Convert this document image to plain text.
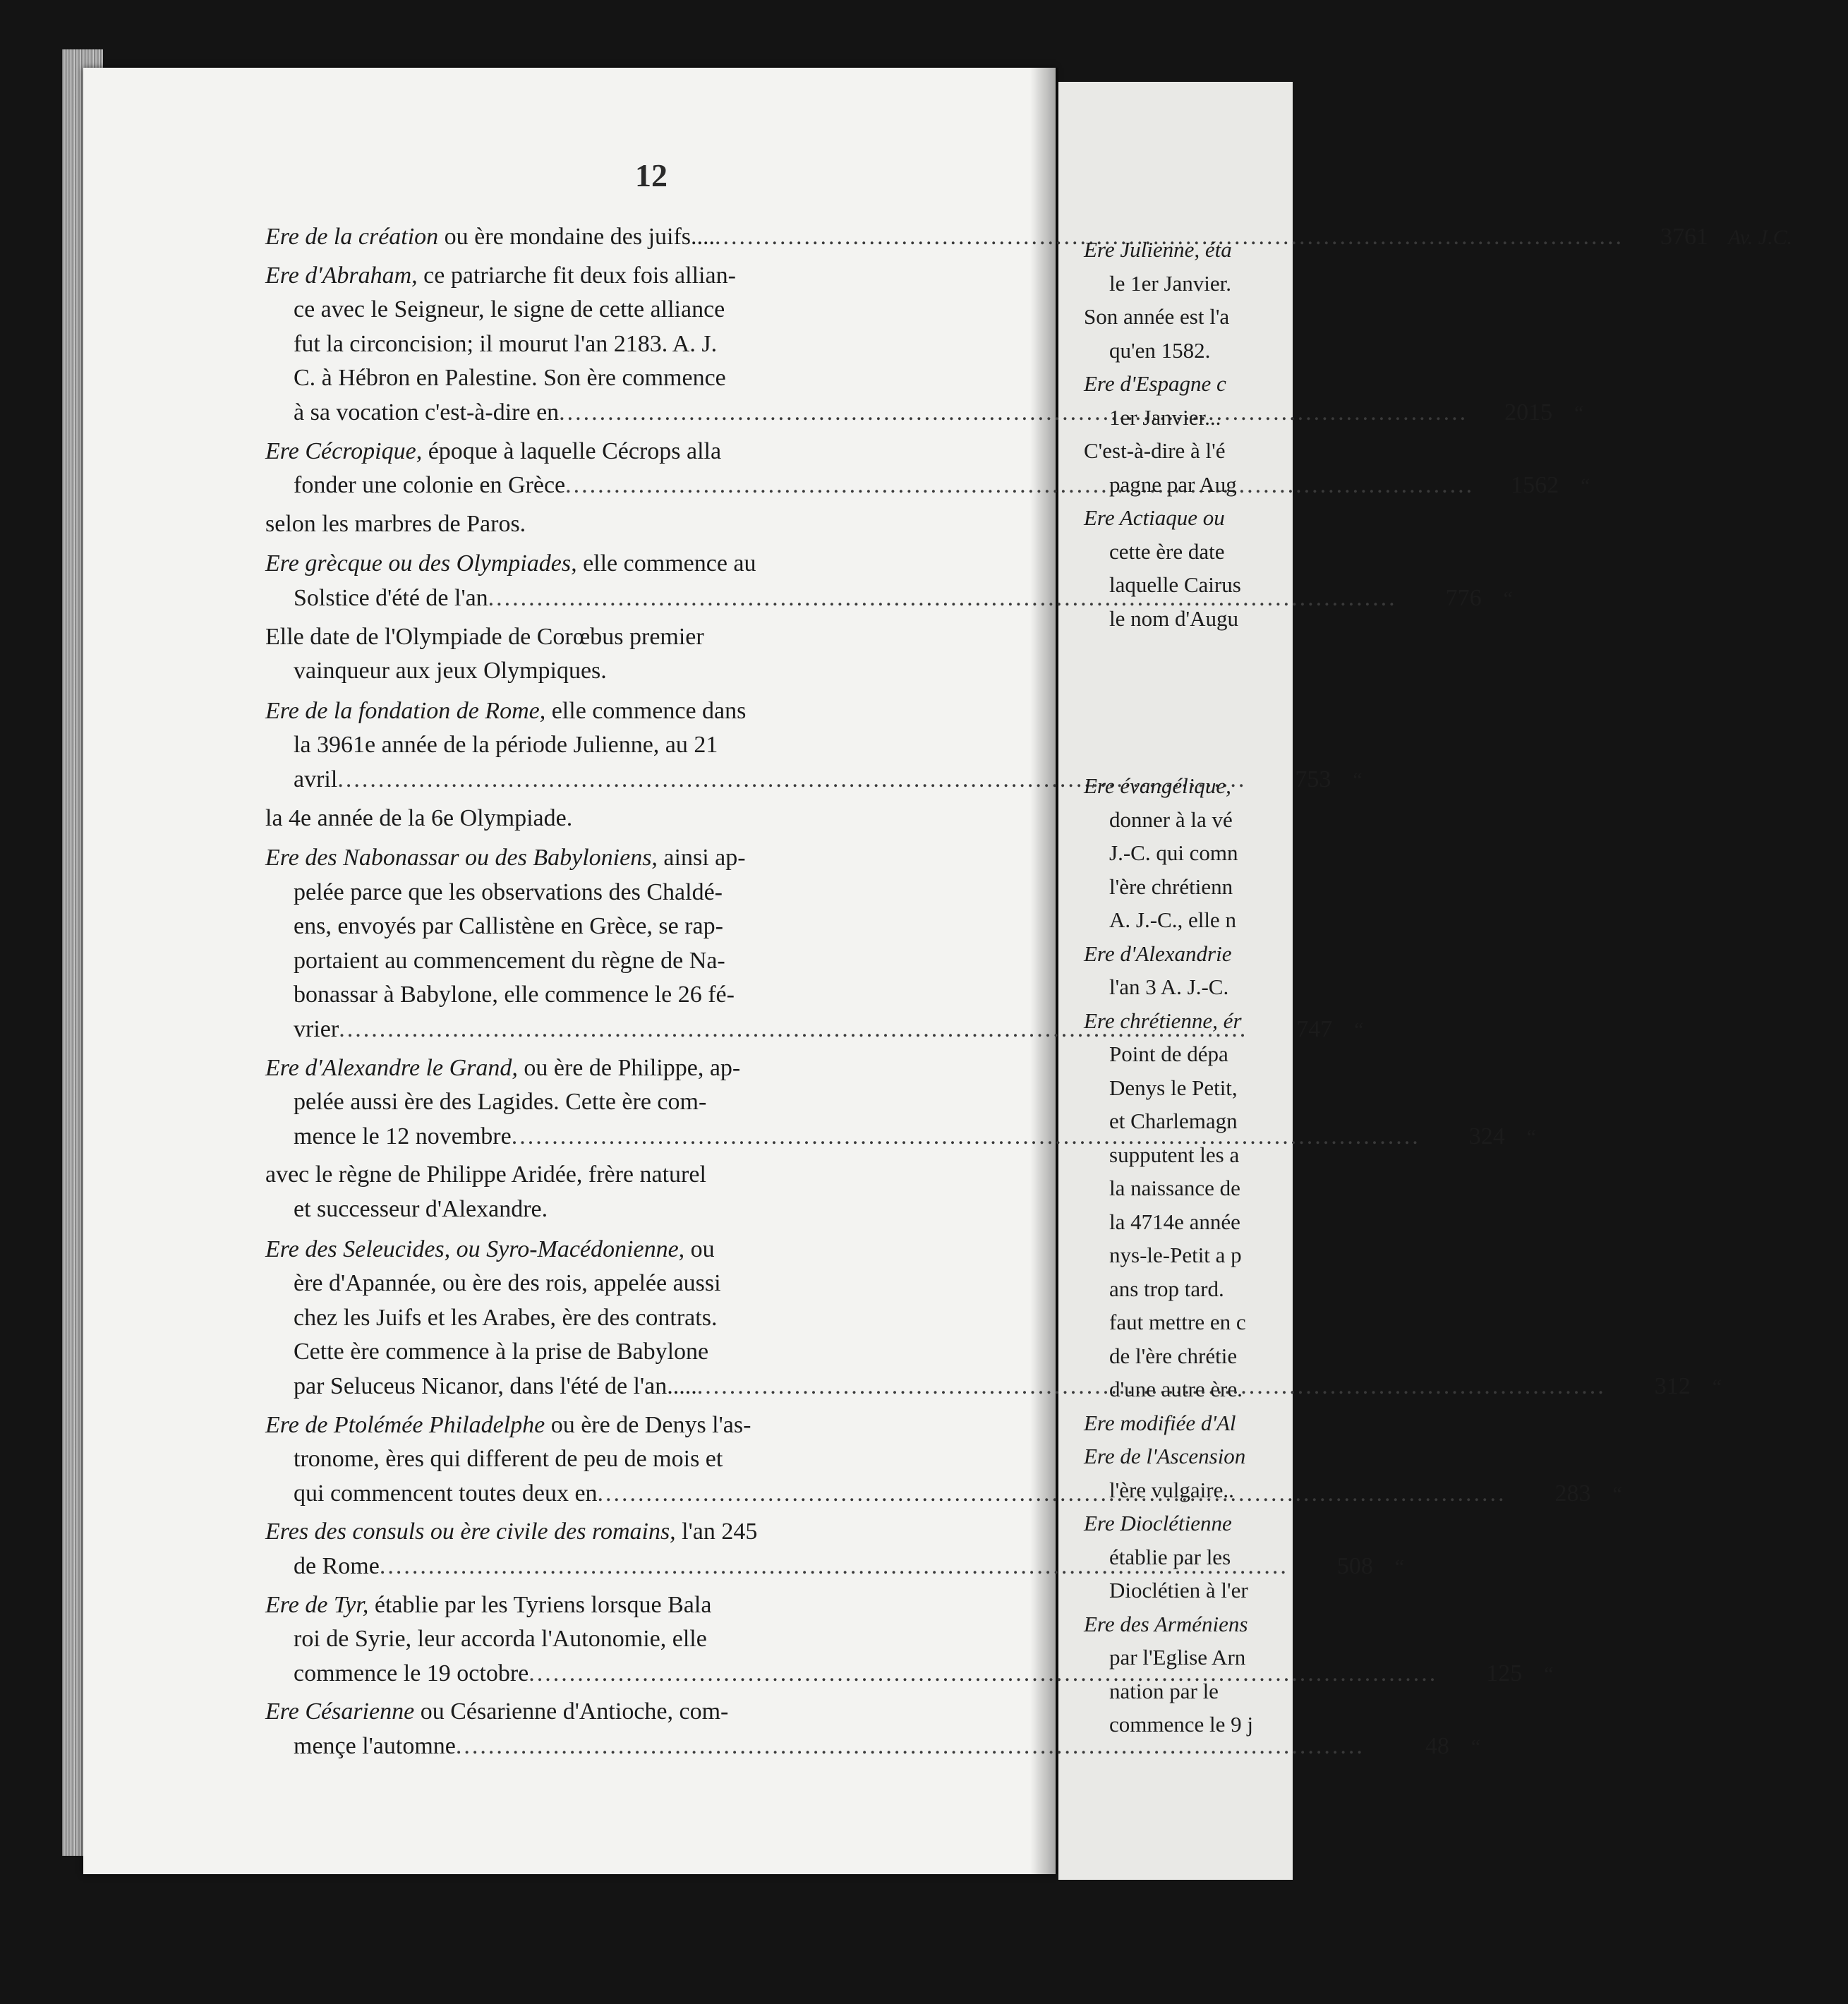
12
Ere de la création ou ère mondaine des juifs.... .....	3761 Av. J.C.
Ere d'Abraham, ce patriarche fit deux fois allian-
ce avec le Seigneur, le signe de cette alliance
fut la circoncision; il mourut l'an 2183. A. J.
C. à Hébron en Palestine. Son ère commence
à sa vocation c'est-à-dire en .....	2015 “
Ere Cécropique, époque à laquelle Cécrops alla
fonder une colonie en Grèce .....	1562 “
selon les marbres de Paros.
Ere grècque ou des Olympiades, elle commence au
Solstice d'été de l'an .....	776 “
Elle date de l'Olympiade de Corœbus premier
vainqueur aux jeux Olympiques.
Ere de la fondation de Rome, elle commence dans
la 3961e année de la période Julienne, au 21
avril .....	753 “
la 4e année de la 6e Olympiade.
Ere des Nabonassar ou des Babyloniens, ainsi ap-
pelée parce que les observations des Chaldé-
ens, envoyés par Callistène en Grèce, se rap-
portaient au commencement du règne de Na-
bonassar à Babylone, elle commence le 26 fé-
vrier .....	747 “
Ere d'Alexandre le Grand, ou ère de Philippe, ap-
pelée aussi ère des Lagides. Cette ère com-
mence le 12 novembre .....	324 “
avec le règne de Philippe Aridée, frère naturel
et successeur d'Alexandre.
Ere des Seleucides, ou Syro-Macédonienne, ou
ère d'Apannée, ou ère des rois, appelée aussi
chez les Juifs et les Arabes, ère des contrats.
Cette ère commence à la prise de Babylone
par Seluceus Nicanor, dans l'été de l'an..... .....	312 “
Ere de Ptolémée Philadelphe ou ère de Denys l'as-
tronome, ères qui different de peu de mois et
qui commencent toutes deux en .....	283 “
Eres des consuls ou ère civile des romains, l'an 245
de Rome .....	508 “
Ere de Tyr, établie par les Tyriens lorsque Bala
roi de Syrie, leur accorda l'Autonomie, elle
commence le 19 octobre .....	125 “
Ere Césarienne ou Césarienne d'Antioche, com-
mençe l'automne .....	48 “
Ere Julienne, éta
le 1er Janvier.
Son année est l'a
qu'en 1582.
Ere d'Espagne c
1er Janvier...
C'est-à-dire à l'é
pagne par Aug
Ere Actiaque ou
cette ère date
laquelle Cairus
le nom d'Augu
Ere évangélique,
donner à la vé
J.-C. qui comn
l'ère chrétienn
A. J.-C., elle n
Ere d'Alexandrie
l'an 3 A. J.-C.
Ere chrétienne, ér
Point de dépa
Denys le Petit,
et Charlemagn
supputent les a
la naissance de
la 4714e année
nys-le-Petit a p
ans trop tard.
faut mettre en c
de l'ère chrétie
d'une autre ère.
Ere modifiée d'Al
Ere de l'Ascension
l'ère vulgaire..
Ere Dioclétienne
établie par les
Dioclétien à l'er
Ere des Arméniens
par l'Eglise Arn
nation par le
commence le 9 j
